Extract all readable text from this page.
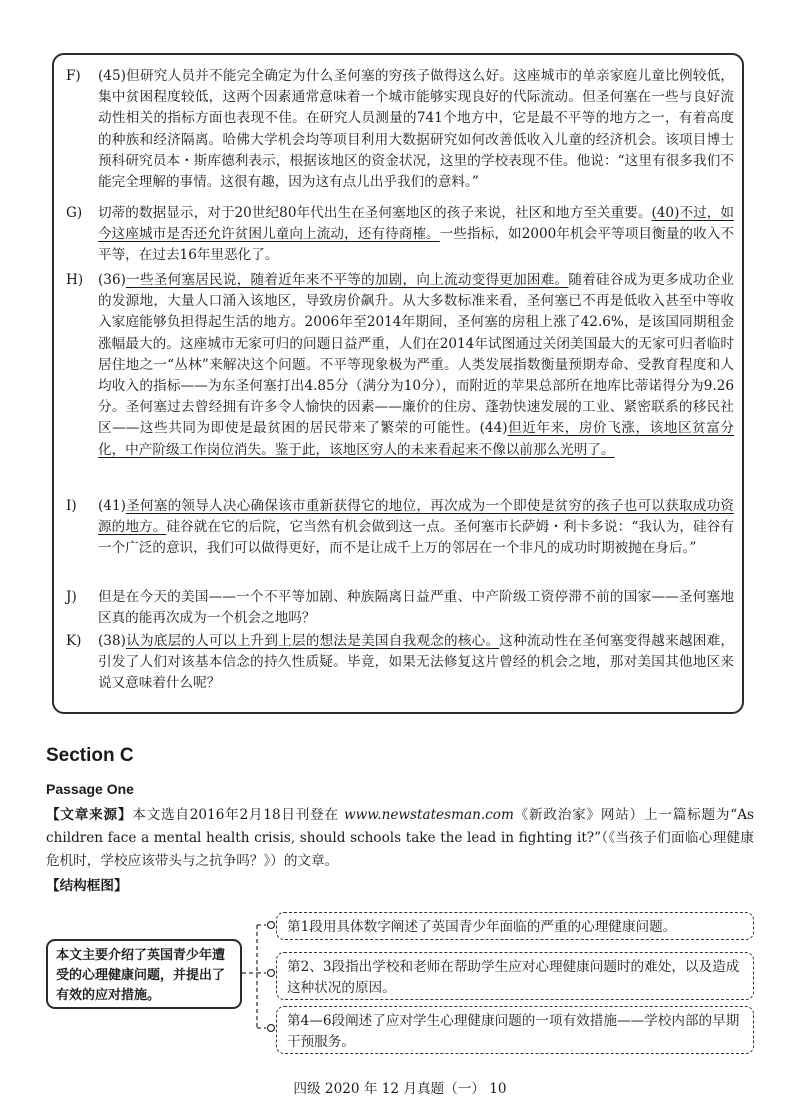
F)	(45)但研究人员并不能完全确定为什么圣何塞的穷孩子做得这么好。这座城市的单亲家庭儿童比例较低，集中贫困程度较低，这两个因素通常意味着一个城市能够实现良好的代际流动。但圣何塞在一些与良好流动性相关的指标方面也表现不佳。在研究人员测量的741个地方中，它是最不平等的地方之一，有着高度的种族和经济隔离。哈佛大学机会均等项目利用大数据研究如何改善低收入儿童的经济机会。该项目博士预科研究员本・斯库德利表示，根据该地区的资金状况，这里的学校表现不佳。他说：“这里有很多我们不能完全理解的事情。这很有趣，因为这有点儿出乎我们的意料。”
G)	切蒂的数据显示，对于20世纪80年代出生在圣何塞地区的孩子来说，社区和地方至关重要。(40)不过，如今这座城市是否还允许贫困儿童向上流动，还有待商榷。一些指标，如2000年机会平等项目衡量的收入不平等，在过去16年里恶化了。
H)	(36)一些圣何塞居民说，随着近年来不平等的加剧，向上流动变得更加困难。随着硅谷成为更多成功企业的发源地，大量人口涌入该地区，导致房价飙升。从大多数标准来看，圣何塞已不再是低收入甚至中等收入家庭能够负担得起生活的地方。2006年至2014年期间，圣何塞的房租上涨了42.6%，是该国同期租金涨幅最大的。这座城市无家可归的问题日益严重，人们在2014年试图通过关闭美国最大的无家可归者临时居住地之一“丛林”来解决这个问题。不平等现象极为严重。人类发展指数衡量预期寿命、受教育程度和人均收入的指标——为东圣何塞打出4.85分（满分为10分），而附近的苹果总部所在地库比蒂诺得分为9.26分。圣何塞过去曾经拥有许多令人愉快的因素——廉价的住房、蓬勃快速发展的工业、紧密联系的移民社区——这些共同为即使是最贫困的居民带来了繁荣的可能性。(44)但近年来，房价飞涨，该地区贫富分化，中产阶级工作岗位消失。鉴于此，该地区穷人的未来看起来不像以前那么光明了。
I)	(41)圣何塞的领导人决心确保该市重新获得它的地位，再次成为一个即使是贫穷的孩子也可以获取成功资源的地方。硅谷就在它的后院，它当然有机会做到这一点。圣何塞市长萨姆・利卡多说：“我认为，硅谷有一个广泛的意识，我们可以做得更好，而不是让成千上万的邻居在一个非凡的成功时期被抛在身后。”
J)	但是在今天的美国——一个不平等加剧、种族隔离日益严重、中产阶级工资停滞不前的国家——圣何塞地区真的能再次成为一个机会之地吗？
K)	(38)认为底层的人可以上升到上层的想法是美国自我观念的核心。这种流动性在圣何塞变得越来越困难，引发了人们对该基本信念的持久性质疑。毕竟，如果无法修复这片曾经的机会之地，那对美国其他地区来说又意味着什么呢？
Section C
Passage One
【文章来源】本文选自2016年2月18日刊登在 www.newstatesman.com《新政治家》网站）上一篇标题为“As children face a mental health crisis, should schools take the lead in fighting it?”（《当孩子们面临心理健康危机时，学校应该带头与之抗争吗？》）的文章。
【结构框图】
本文主要介绍了英国青少年遭受的心理健康问题，并提出了有效的应对措施。
第1段用具体数字阐述了英国青少年面临的严重的心理健康问题。
第2、3段指出学校和老师在帮助学生应对心理健康问题时的难处，以及造成这种状况的原因。
第4—6段阐述了应对学生心理健康问题的一项有效措施——学校内部的早期干预服务。
四级 2020 年 12 月真题（一） 10
